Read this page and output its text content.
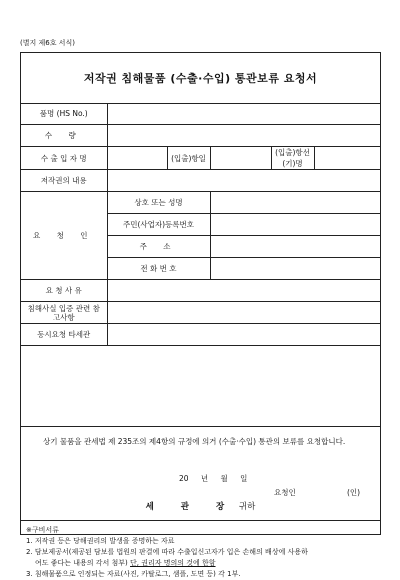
(별지 제6호 서식)
저작권 침해물품 (수출·수입) 통관보류 요청서
품명 (HS No.)					
수 량					
수 출 입 자 명		(입출)항일		(입출)항선(기)명	
저작권의 내용					
요 청 인	상호 또는 성명				
	주민(사업자)등록번호				
	주 소				
	전 화 번 호				
요 청 사 유					
침해사실 입증 관련 참고사항					
동시요청 타세관					
상기 물품을 관세법 제 235조의 제4항의 규정에 의거 (수출·수입) 통관의 보류를 요청합니다.
20 년 월 일
요청인	(인)
세 관 장 귀하
※구비서류
1. 저작권 등은 당해권리의 발생을 증명하는 자료
2. 담보제공서(제공된 담보를 법원의 판결에 따라 수출입신고자가 입은 손해의 배상에 사용하
여도 좋다는 내용의 각서 첨부) 단, 권리자 명의의 것에 한함
3. 침해물품으로 인정되는 자료(사진, 카탈로그, 샘플, 도면 등) 각 1부.
